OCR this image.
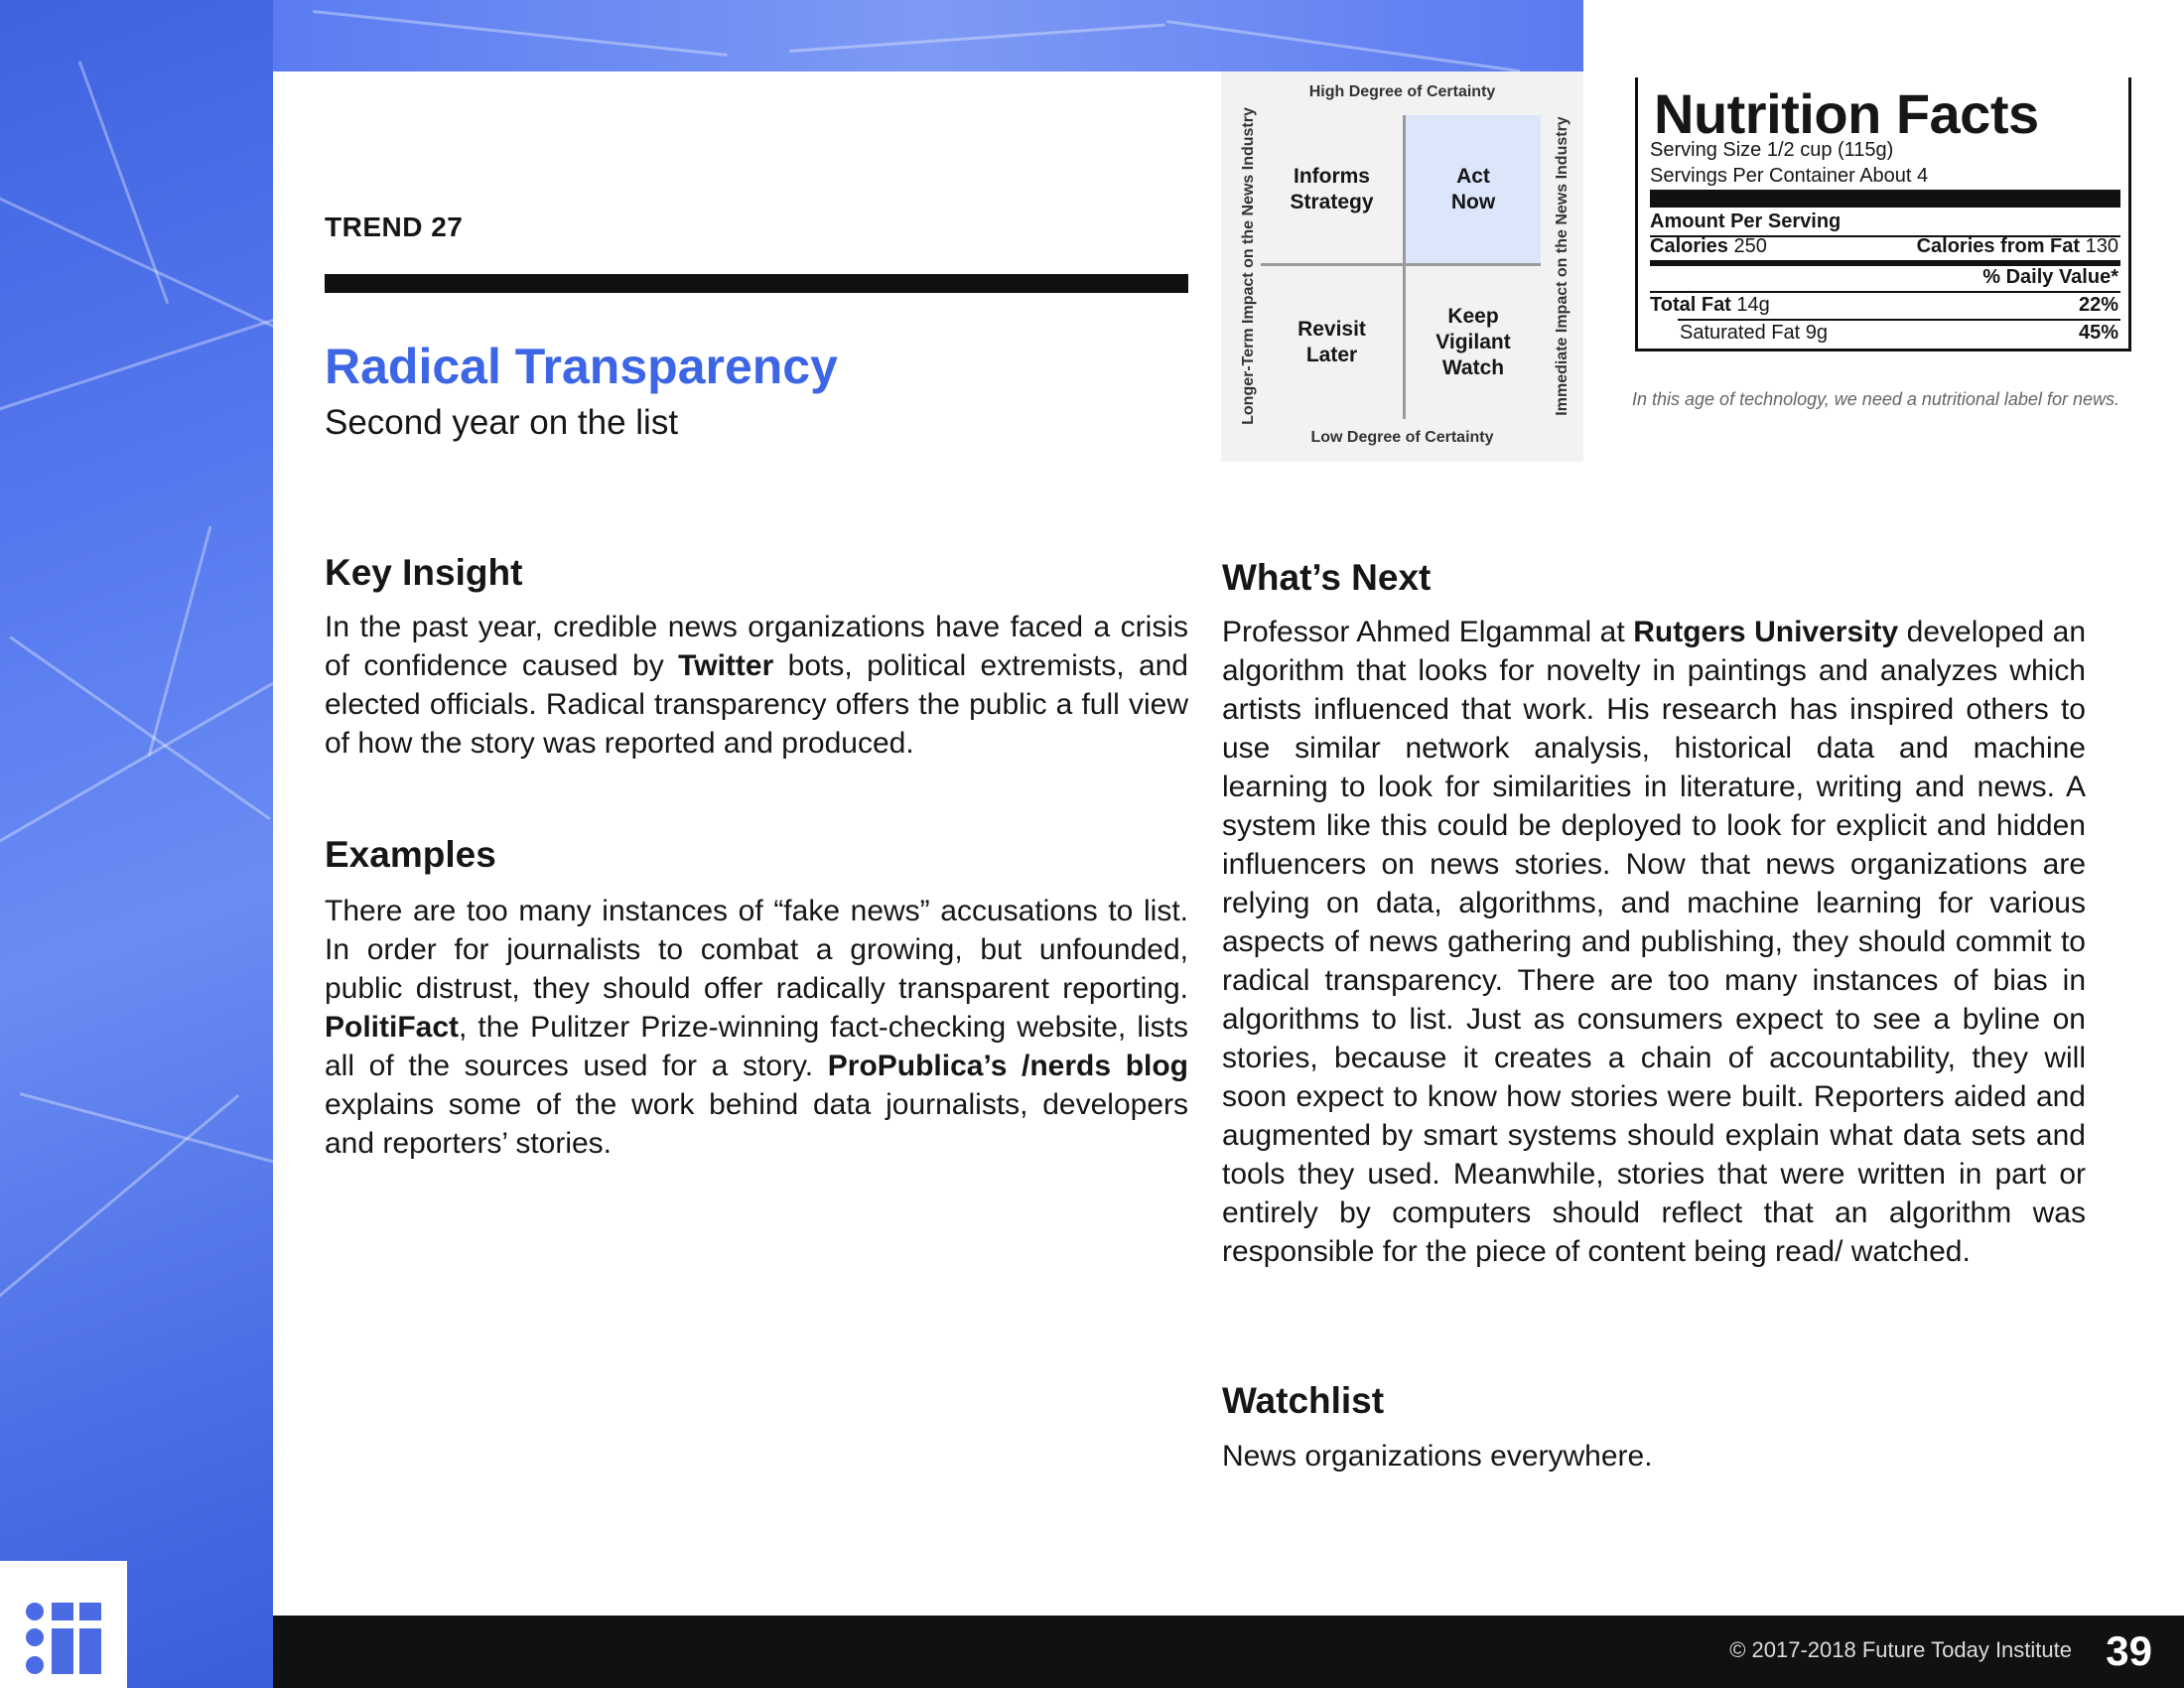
TREND 27
Radical Transparency
Second year on the list
High Degree of Certainty
Low Degree of Certainty
Longer-Term Impact on the News Industry	Immediate Impact on the News Industry
Informs
Strategy
Act
Now
Revisit
Later
Keep
Vigilant
Watch
Nutrition Facts
Serving Size 1/2 cup (115g)
Servings Per Container About 4
Amount Per Serving
Calories 250	Calories from Fat 130
% Daily Value*
Total Fat 14g	22%
Saturated Fat 9g	45%

In this age of technology, we need a nutritional label for news.

Key Insight

In the past year, credible news organizations have faced a crisis of confidence caused by Twitter bots, political extremists, and elected officials. Radical transparency offers the public a full view of how the story was reported and produced.

Examples

There are too many instances of “fake news” accusations to list. In order for journalists to combat a growing, but unfounded, public distrust, they should offer radically transparent reporting. PolitiFact, the Pulitzer Prize-winning fact-checking website, lists all of the sources used for a story. ProPublica’s /nerds blog explains some of the work behind data journalists, developers and reporters’ stories.

What’s Next

Professor Ahmed Elgammal at Rutgers University developed an algorithm that looks for novelty in paintings and analyzes which artists influenced that work. His research has inspired others to use similar network analysis, historical data and machine learning to look for similarities in literature, writing and news. A system like this could be deployed to look for explicit and hidden influencers on news stories. Now that news organizations are relying on data, algorithms, and machine learning for various aspects of news gathering and publishing, they should commit to radical transparency. There are too many instances of bias in algorithms to list. Just as consumers expect to see a byline on stories, because it creates a chain of accountability, they will soon expect to know how stories were built. Reporters aided and augmented by smart systems should explain what data sets and tools they used. Meanwhile, stories that were written in part or entirely by computers should reflect that an algorithm was responsible for the piece of content being read/ watched.

Watchlist

News organizations everywhere.

© 2017-2018 Future Today Institute 39
